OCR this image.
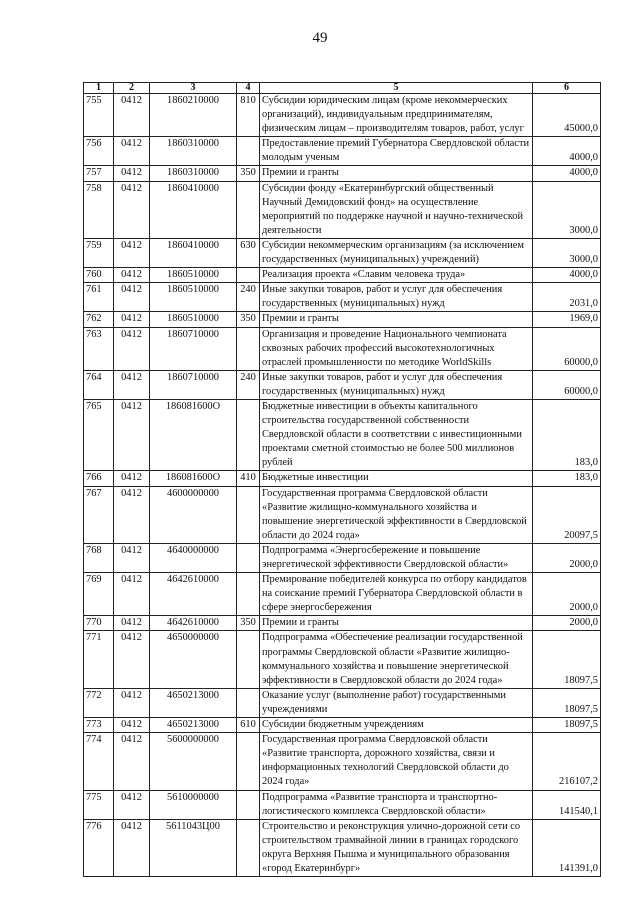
49
1	2	3	4	5	6
755	0412	1860210000	810	Субсидии юридическим лицам (кроме некоммерческих организаций), индивидуальным предпринимателям, физическим лицам – производителям товаров, работ, услуг	45000,0
756	0412	1860310000		Предоставление премий Губернатора Свердловской области молодым ученым	4000,0
757	0412	1860310000	350	Премии и гранты	4000,0
758	0412	1860410000		Субсидии фонду «Екатеринбургский общественный Научный Демидовский фонд» на осуществление мероприятий по поддержке научной и научно-технической деятельности	3000,0
759	0412	1860410000	630	Субсидии некоммерческим организациям (за исключением государственных (муниципальных) учреждений)	3000,0
760	0412	1860510000		Реализация проекта «Славим человека труда»	4000,0
761	0412	1860510000	240	Иные закупки товаров, работ и услуг для обеспечения государственных (муниципальных) нужд	2031,0
762	0412	1860510000	350	Премии и гранты	1969,0
763	0412	1860710000		Организация и проведение Национального чемпионата сквозных рабочих профессий высокотехнологичных отраслей промышленности по методике WorldSkills	60000,0
764	0412	1860710000	240	Иные закупки товаров, работ и услуг для обеспечения государственных (муниципальных) нужд	60000,0
765	0412	186081600О		Бюджетные инвестиции в объекты капитального строительства государственной собственности Свердловской области в соответствии с инвестиционными проектами сметной стоимостью не более 500 миллионов рублей	183,0
766	0412	186081600О	410	Бюджетные инвестиции	183,0
767	0412	4600000000		Государственная программа Свердловской области «Развитие жилищно-коммунального хозяйства и повышение энергетической эффективности в Свердловской области до 2024 года»	20097,5
768	0412	4640000000		Подпрограмма «Энергосбережение и повышение энергетической эффективности Свердловской области»	2000,0
769	0412	4642610000		Премирование победителей конкурса по отбору кандидатов на соискание премий Губернатора Свердловской области в сфере энергосбережения	2000,0
770	0412	4642610000	350	Премии и гранты	2000,0
771	0412	4650000000		Подпрограмма «Обеспечение реализации государственной программы Свердловской области «Развитие жилищно-коммунального хозяйства и повышение энергетической эффективности в Свердловской области до 2024 года»	18097,5
772	0412	4650213000		Оказание услуг (выполнение работ) государственными учреждениями	18097,5
773	0412	4650213000	610	Субсидии бюджетным учреждениям	18097,5
774	0412	5600000000		Государственная программа Свердловской области «Развитие транспорта, дорожного хозяйства, связи и информационных технологий Свердловской области до 2024 года»	216107,2
775	0412	5610000000		Подпрограмма «Развитие транспорта и транспортно-логистического комплекса Свердловской области»	141540,1
776	0412	5611043Ц00		Строительство и реконструкция улично-дорожной сети со строительством трамвайной линии в границах городского округа Верхняя Пышма и муниципального образования «город Екатеринбург»	141391,0
